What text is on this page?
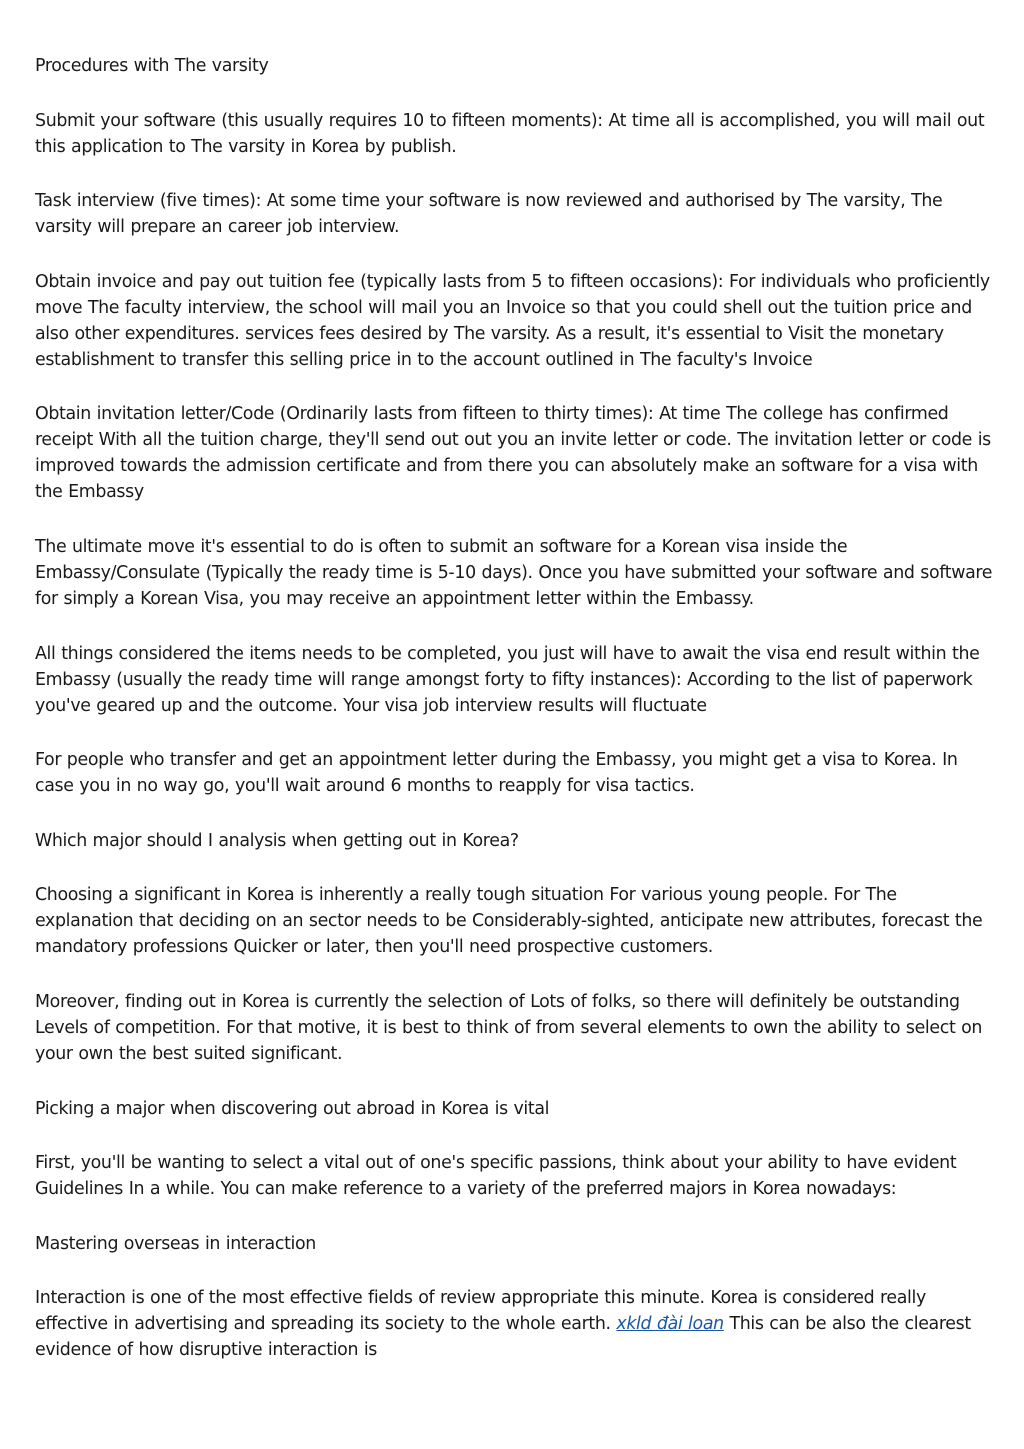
Procedures with The varsity

Submit your software (this usually requires 10 to fifteen moments): At time all is accomplished, you will mail out this application to The varsity in Korea by publish.

Task interview (five times): At some time your software is now reviewed and authorised by The varsity, The varsity will prepare an career job interview.

Obtain invoice and pay out tuition fee (typically lasts from 5 to fifteen occasions): For individuals who proficiently move The faculty interview, the school will mail you an Invoice so that you could shell out the tuition price and also other expenditures. services fees desired by The varsity. As a result, it's essential to Visit the monetary establishment to transfer this selling price in to the account outlined in The faculty's Invoice

Obtain invitation letter/Code (Ordinarily lasts from fifteen to thirty times): At time The college has confirmed receipt With all the tuition charge, they'll send out out you an invite letter or code. The invitation letter or code is improved towards the admission certificate and from there you can absolutely make an software for a visa with the Embassy

The ultimate move it's essential to do is often to submit an software for a Korean visa inside the Embassy/Consulate (Typically the ready time is 5-10 days). Once you have submitted your software and software for simply a Korean Visa, you may receive an appointment letter within the Embassy.

All things considered the items needs to be completed, you just will have to await the visa end result within the Embassy (usually the ready time will range amongst forty to fifty instances): According to the list of paperwork you've geared up and the outcome. Your visa job interview results will fluctuate

For people who transfer and get an appointment letter during the Embassy, you might get a visa to Korea. In case you in no way go, you'll wait around 6 months to reapply for visa tactics.

Which major should I analysis when getting out in Korea?

Choosing a significant in Korea is inherently a really tough situation For various young people. For The explanation that deciding on an sector needs to be Considerably-sighted, anticipate new attributes, forecast the mandatory professions Quicker or later, then you'll need prospective customers.

Moreover, finding out in Korea is currently the selection of Lots of folks, so there will definitely be outstanding Levels of competition. For that motive, it is best to think of from several elements to own the ability to select on your own the best suited significant.

Picking a major when discovering out abroad in Korea is vital

First, you'll be wanting to select a vital out of one's specific passions, think about your ability to have evident Guidelines In a while. You can make reference to a variety of the preferred majors in Korea nowadays:

Mastering overseas in interaction

Interaction is one of the most effective fields of review appropriate this minute. Korea is considered really effective in advertising and spreading its society to the whole earth. xkld đài loan This can be also the clearest evidence of how disruptive interaction is
